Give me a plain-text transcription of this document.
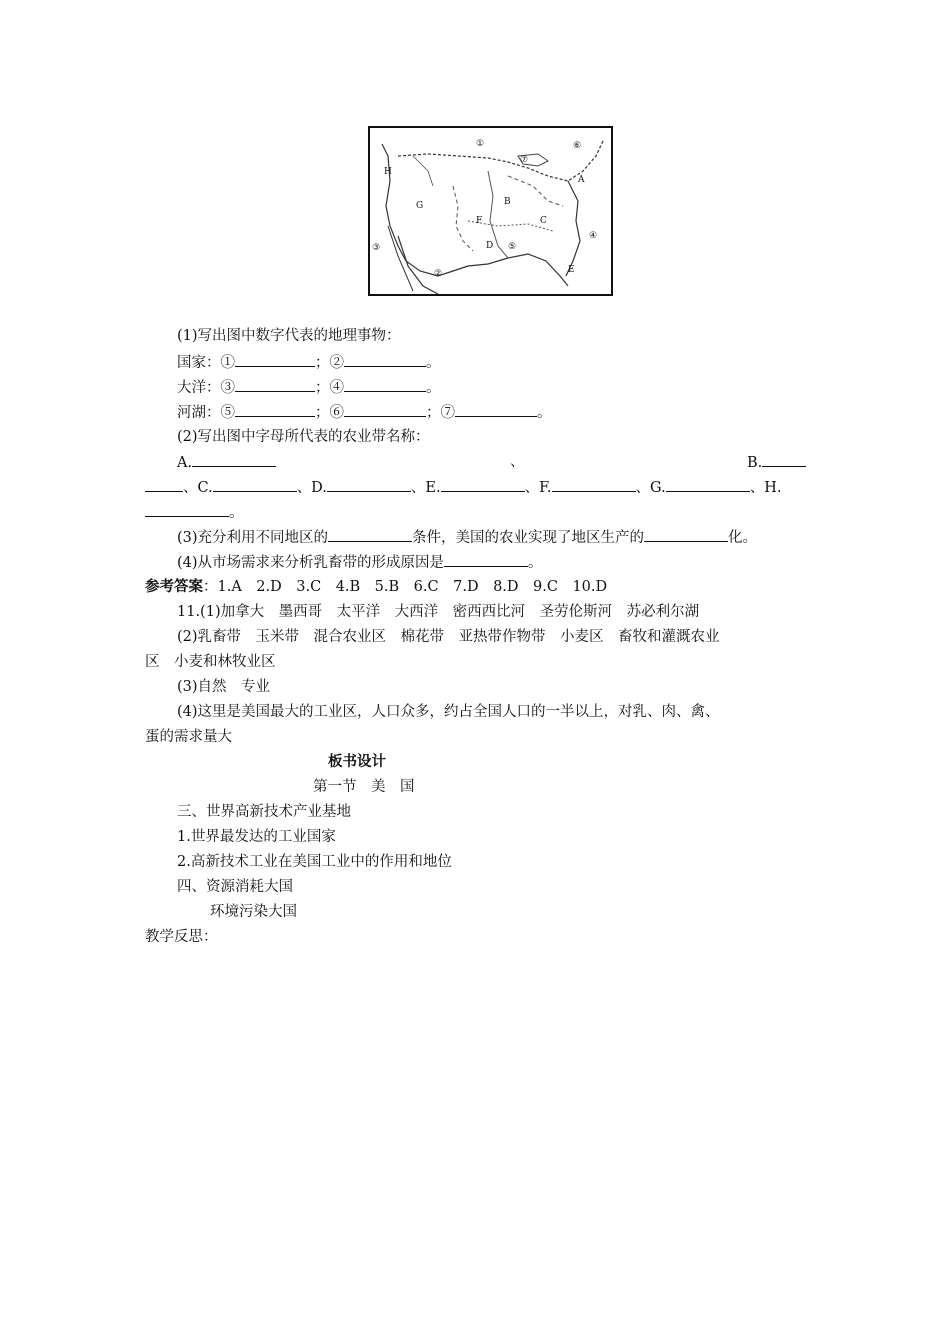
①
②
③
④
⑤
⑥
⑦
A
B
C
D
E
F
G
H
(1)写出图中数字代表的地理事物：
国家：①	；②	。
大洋：③	；④	。
河湖：⑤	；⑥	；⑦	。
(2)写出图中字母所代表的农业带名称：
A.	、	B.
、C.	、D.	、E.	、F.	、G.	、H.
。
(3)充分利用不同地区的	条件，美国的农业实现了地区生产的	化。
(4)从市场需求来分析乳畜带的形成原因是	。
参考答案：1.A　2.D　3.C　4.B　5.B　6.C　7.D　8.D　9.C　10.D
11.(1)加拿大　墨西哥　太平洋　大西洋　密西西比河　圣劳伦斯河　苏必利尔湖
(2)乳畜带　玉米带　混合农业区　棉花带　亚热带作物带　小麦区　畜牧和灌溉农业
区　小麦和林牧业区
(3)自然　专业
(4)这里是美国最大的工业区，人口众多，约占全国人口的一半以上，对乳、肉、禽、
蛋的需求量大
板书设计
第一节　美　国
三、世界高新技术产业基地
1.世界最发达的工业国家
2.高新技术工业在美国工业中的作用和地位
四、资源消耗大国
环境污染大国
教学反思：
